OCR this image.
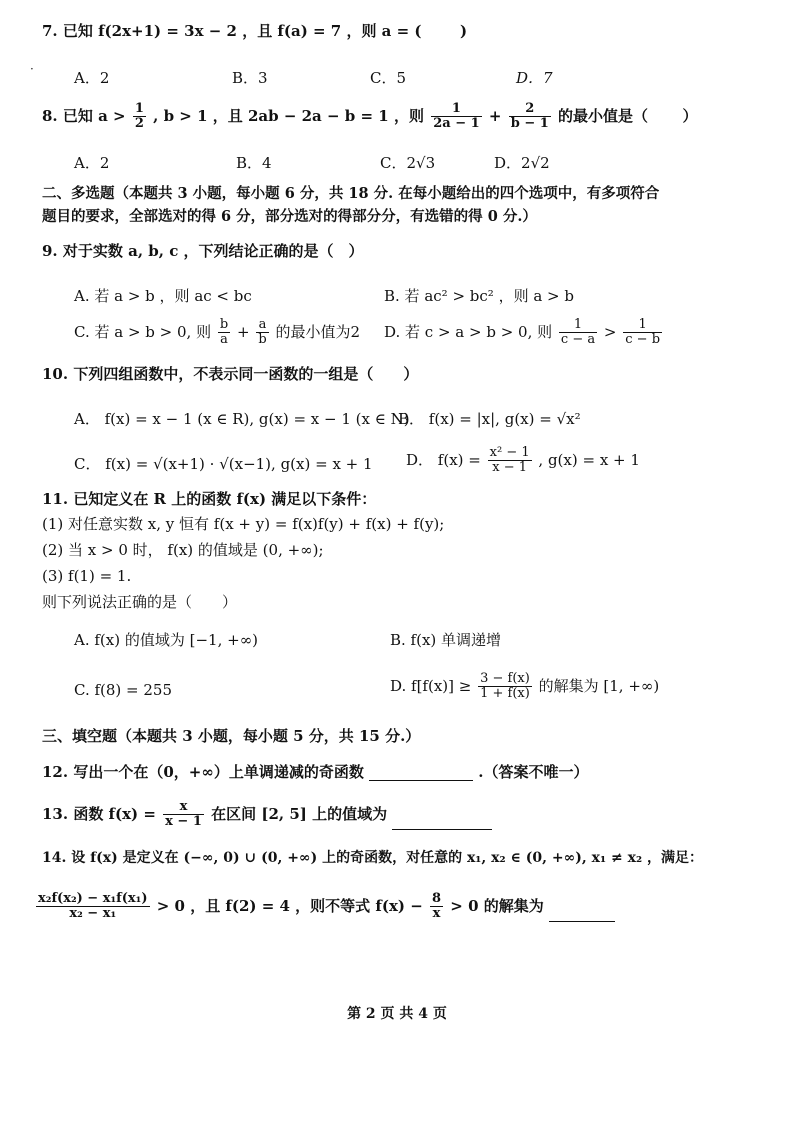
7. 已知 f(2x+1) = 3x − 2 ，且 f(a) = 7 ，则 a = (	)
A．2	B．3	C．5	D．7
·
8. 已知 $a > \frac{1}{2}$ , b > 1 ，且 2ab − 2a − b = 1 ，则 $\frac{1}{2a - 1} + \frac{2}{b - 1}$ 的最小值是（ ）
A．2	B．4	C．2√3	D．2√2
二、多选题（本题共 3 小题，每小题 6 分，共 18 分. 在每小题给出的四个选项中，有多项符合
题目的要求，全部选对的得 6 分，部分选对的得部分分，有选错的得 0 分.）
9. 对于实数 a, b, c ，下列结论正确的是（　）
A. 若 a > b ，则 ac < bc	B. 若 ac² > bc² ，则 a > b
C. 若 a > b > 0, 则 $\frac{b}{a} + \frac{a}{b}$ 的最小值为2 D. 若 c > a > b > 0, 则 $\frac{1}{c - a} > \frac{1}{c - b}$
10. 下列四组函数中，不表示同一函数的一组是（　　）
A． f(x) = x − 1 (x ∈ R), g(x) = x − 1 (x ∈ N)
B． f(x) = |x|, g(x) = √x²
C． f(x) = √(x+1) · √(x−1), g(x) = x + 1 D． $f(x) = \frac{\text{x² − 1}}{x - 1}$ , g(x) = x + 1
11. 已知定义在 R 上的函数 f(x) 满足以下条件：
(1) 对任意实数 x, y 恒有 f(x + y) = f(x)f(y) + f(x) + f(y);
(2) 当 x > 0 时， f(x) 的值域是 (0, +∞);
(3) f(1) = 1.
则下列说法正确的是（　　）
A. f(x) 的值域为 [−1, +∞)	B. f(x) 单调递增
C. f(8) = 255	D. $f[f(x)] \ge \frac{3 - f(x)}{1 + f(x)}$ 的解集为 [1, +∞)
三、填空题（本题共 3 小题，每小题 5 分，共 15 分.）
12. 写出一个在（0，+∞）上单调递减的奇函数	.（答案不唯一）
13. 函数 $f(x) = \frac{x}{x - 1}$ 在区间 [2, 5] 上的值域为
14. 设 f(x) 是定义在 (−∞, 0) ∪ (0, +∞) 上的奇函数，对任意的 x₁, x₂ ∈ (0, +∞), x₁ ≠ x₂ ，满足：
$\frac{\text{x₂f(x₂) − x₁f(x₁)}}{\text{x₂ − x₁}} > 0$ ，且 f(2) = 4 ，则不等式 $f(x) - \frac{8}{x} > 0$ 的解集为
第 2 页 共 4 页
